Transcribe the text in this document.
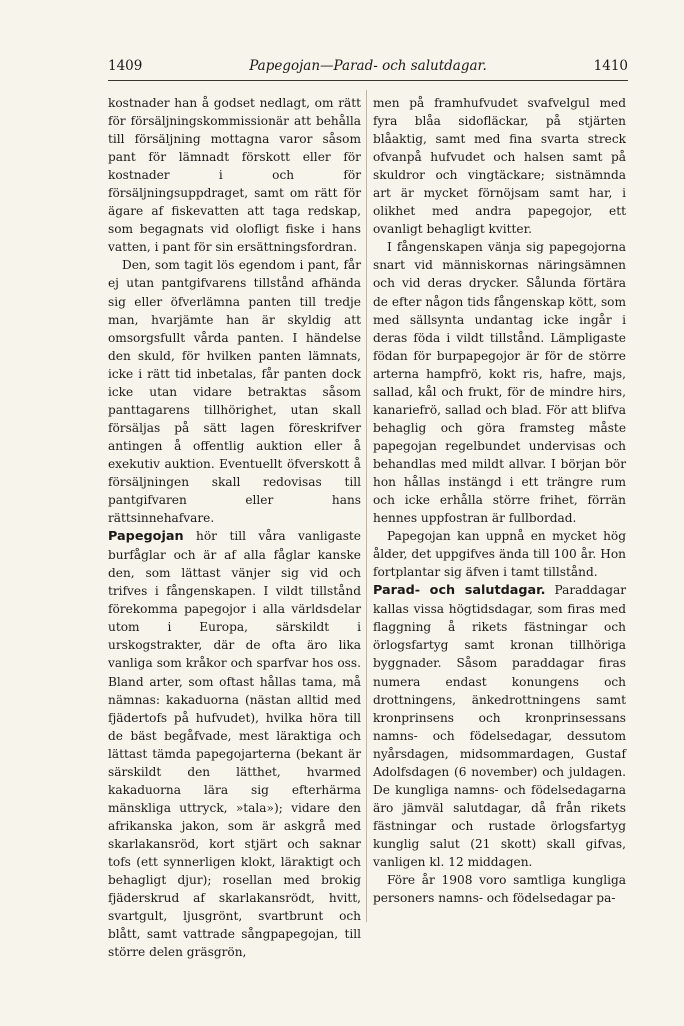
1409	Papegojan—Parad- och salutdagar.	1410

kostnader han å godset nedlagt, om rätt för försäljningskommissionär att behålla till försäljning mottagna varor såsom pant för lämnadt förskott eller för kostnader i och för försäljningsuppdraget, samt om rätt för ägare af fiskevatten att taga redskap, som begagnats vid olofligt fiske i hans vatten, i pant för sin ersättningsfordran.

Den, som tagit lös egendom i pant, får ej utan pantgifvarens tillstånd afhända sig eller öfverlämna panten till tredje man, hvarjämte han är skyldig att omsorgsfullt vårda panten. I händelse den skuld, för hvilken panten lämnats, icke i rätt tid inbetalas, får panten dock icke utan vidare betraktas såsom panttagarens tillhörighet, utan skall försäljas på sätt lagen föreskrifver antingen å offentlig auktion eller å exekutiv auktion. Eventuellt öfverskott å försäljningen skall redovisas till pantgifvaren eller hans rättsinnehafvare.

Papegojan hör till våra vanligaste burfåglar och är af alla fåglar kanske den, som lättast vänjer sig vid och trifves i fångenskapen. I vildt tillstånd förekomma papegojor i alla världsdelar utom i Europa, särskildt i urskogstrakter, där de ofta äro lika vanliga som kråkor och sparfvar hos oss. Bland arter, som oftast hållas tama, må nämnas: kakaduorna (nästan alltid med fjädertofs på hufvudet), hvilka höra till de bäst begåfvade, mest läraktiga och lättast tämda papegojarterna (bekant är särskildt den lätthet, hvarmed kakaduorna lära sig efterhärma mänskliga uttryck, »tala»); vidare den afrikanska jakon, som är askgrå med skarlakansröd, kort stjärt och saknar tofs (ett synnerligen klokt, läraktigt och behagligt djur); rosellan med brokig fjäderskrud af skarlakansrödt, hvitt, svartgult, ljusgrönt, svartbrunt och blått, samt vattrade sångpapegojan, till större delen gräsgrön,

men på framhufvudet svafvelgul med fyra blåa sidofläckar, på stjärten blåaktig, samt med fina svarta streck ofvanpå hufvudet och halsen samt på skuldror och vingtäckare; sistnämnda art är mycket förnöjsam samt har, i olikhet med andra papegojor, ett ovanligt behagligt kvitter.

I fångenskapen vänja sig papegojorna snart vid människornas näringsämnen och vid deras drycker. Sålunda förtära de efter någon tids fångenskap kött, som med sällsynta undantag icke ingår i deras föda i vildt tillstånd. Lämpligaste födan för burpapegojor är för de större arterna hampfrö, kokt ris, hafre, majs, sallad, kål och frukt, för de mindre hirs, kanariefrö, sallad och blad. För att blifva behaglig och göra framsteg måste papegojan regelbundet undervisas och behandlas med mildt allvar. I början bör hon hållas instängd i ett trängre rum och icke erhålla större frihet, förrän hennes uppfostran är fullbordad.

Papegojan kan uppnå en mycket hög ålder, det uppgifves ända till 100 år. Hon fortplantar sig äfven i tamt tillstånd.

Parad- och salutdagar. Paraddagar kallas vissa högtidsdagar, som firas med flaggning å rikets fästningar och örlogsfartyg samt kronan tillhöriga byggnader. Såsom paraddagar firas numera endast konungens och drottningens, änkedrottningens samt kronprinsens och kronprinsessans namns- och födelsedagar, dessutom nyårsdagen, midsommardagen, Gustaf Adolfsdagen (6 november) och juldagen. De kungliga namns- och födelsedagarna äro jämväl salutdagar, då från rikets fästningar och rustade örlogsfartyg kunglig salut (21 skott) skall gifvas, vanligen kl. 12 middagen.

Före år 1908 voro samtliga kungliga personers namns- och födelsedagar pa-
